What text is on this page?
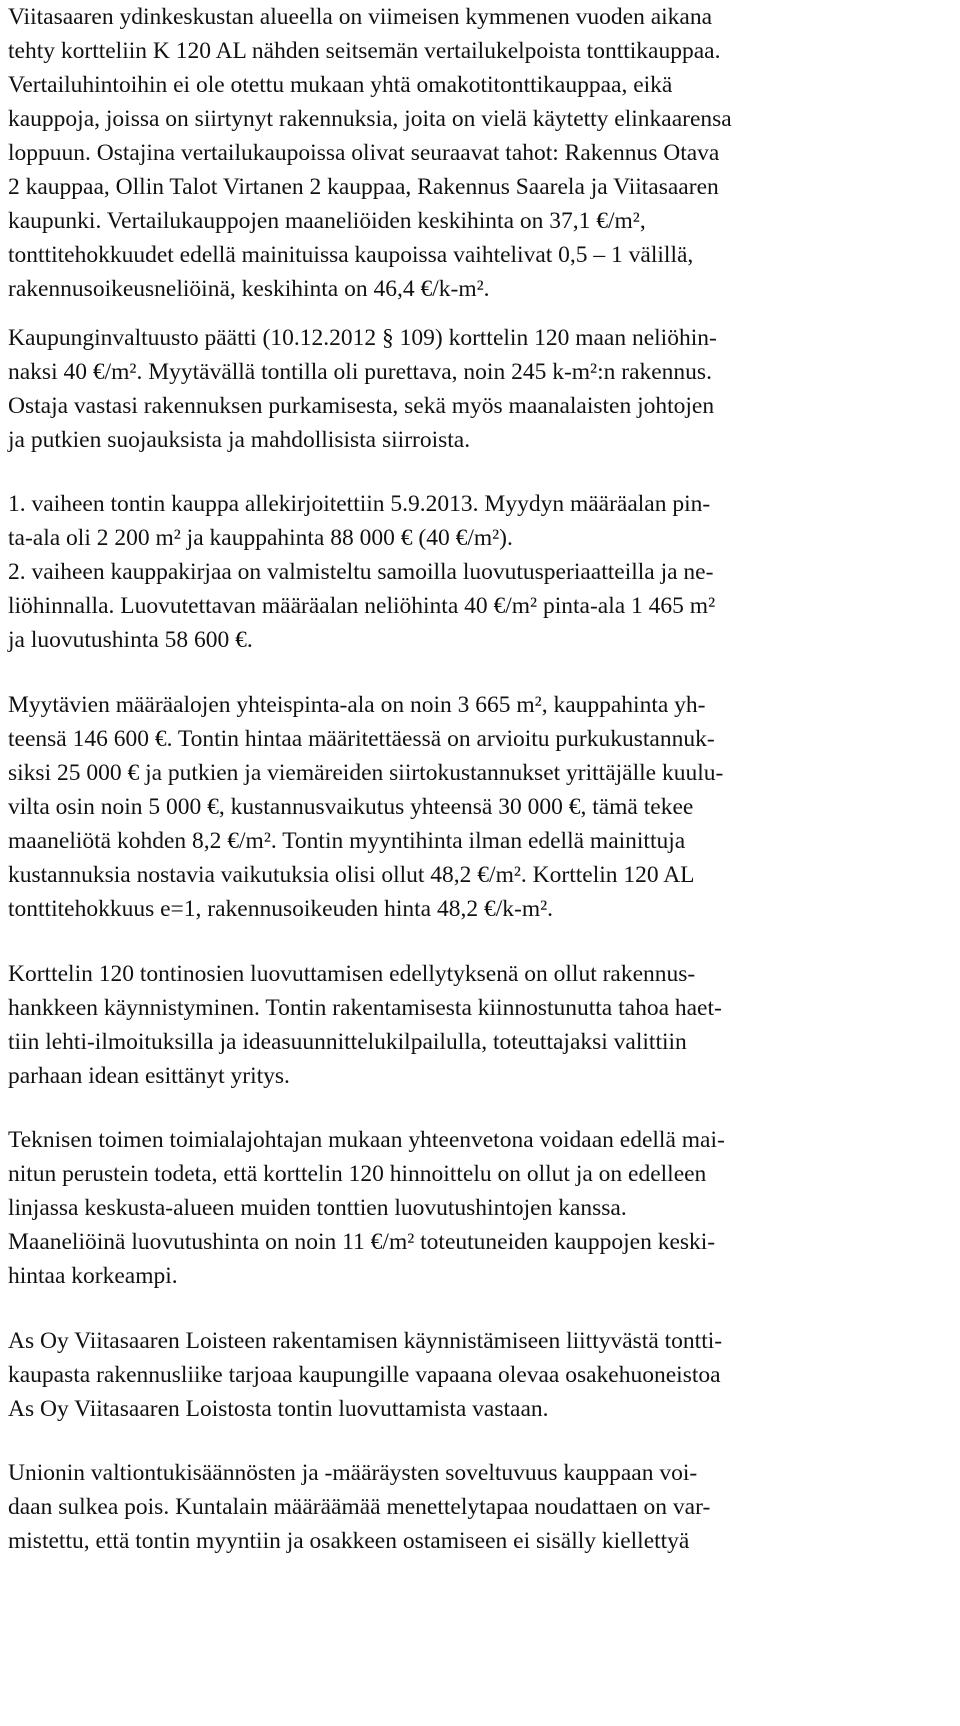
Viitasaaren ydinkeskustan alueella on viimeisen kymmenen vuoden aikana
tehty kortteliin K 120 AL nähden seitsemän vertailukelpoista tonttikauppaa.
Vertailuhintoihin ei ole otettu mukaan yhtä omakotitonttikauppaa, eikä
kauppoja, joissa on siirtynyt rakennuksia, joita on vielä käytetty elinkaarensa
loppuun. Ostajina vertailukaupoissa olivat seuraavat tahot: Rakennus Otava
2 kauppaa, Ollin Talot Virtanen 2 kauppaa, Rakennus Saarela ja Viitasaaren
kaupunki. Vertailukauppojen maaneliöiden keskihinta on 37,1 €/m²,
tonttitehokkuudet edellä mainituissa kaupoissa vaihtelivat 0,5 – 1 välillä,
rakennusoikeusneliöinä, keskihinta on 46,4 €/k-m².
Kaupunginvaltuusto päätti (10.12.2012 § 109) korttelin 120 maan neliöhin-
naksi 40 €/m². Myytävällä tontilla oli purettava, noin 245 k-m²:n rakennus.
Ostaja vastasi rakennuksen purkamisesta, sekä myös maanalaisten johtojen
ja putkien suojauksista ja mahdollisista siirroista.
1. vaiheen tontin kauppa allekirjoitettiin 5.9.2013. Myydyn määräalan pin-
ta-ala oli 2 200 m² ja kauppahinta 88 000 € (40 €/m²).
2. vaiheen kauppakirjaa on valmisteltu samoilla luovutusperiaatteilla ja ne-
liöhinnalla. Luovutettavan määräalan neliöhinta 40 €/m² pinta-ala 1 465 m²
ja luovutushinta 58 600 €.
Myytävien määräalojen yhteispinta-ala on noin 3 665 m², kauppahinta yh-
teensä 146 600 €. Tontin hintaa määritettäessä on arvioitu purkukustannuk-
siksi 25 000 € ja putkien ja viemäreiden siirtokustannukset yrittäjälle kuulu-
vilta osin noin 5 000 €, kustannusvaikutus yhteensä 30 000 €, tämä tekee
maaneliötä kohden 8,2 €/m². Tontin myyntihinta ilman edellä mainittuja
kustannuksia nostavia vaikutuksia olisi ollut 48,2 €/m². Korttelin 120 AL
tonttitehokkuus e=1, rakennusoikeuden hinta 48,2 €/k-m².
Korttelin 120 tontinosien luovuttamisen edellytyksenä on ollut rakennus-
hankkeen käynnistyminen. Tontin rakentamisesta kiinnostunutta tahoa haet-
tiin lehti-ilmoituksilla ja ideasuunnittelukilpailulla, toteuttajaksi valittiin
parhaan idean esittänyt yritys.
Teknisen toimen toimialajohtajan mukaan yhteenvetona voidaan edellä mai-
nitun perustein todeta, että korttelin 120 hinnoittelu on ollut ja on edelleen
linjassa keskusta-alueen muiden tonttien luovutushintojen kanssa.
Maaneliöinä luovutushinta on noin 11 €/m² toteutuneiden kauppojen keski-
hintaa korkeampi.
As Oy Viitasaaren Loisteen rakentamisen käynnistämiseen liittyvästä tontti-
kaupasta rakennusliike tarjoaa kaupungille vapaana olevaa osakehuoneistoa
As Oy Viitasaaren Loistosta tontin luovuttamista vastaan.
Unionin valtiontukisäännösten ja -määräysten soveltuvuus kauppaan voi-
daan sulkea pois. Kuntalain määräämää menettelytapaa noudattaen on var-
mistettu, että tontin myyntiin ja osakkeen ostamiseen ei sisälly kiellettyä
